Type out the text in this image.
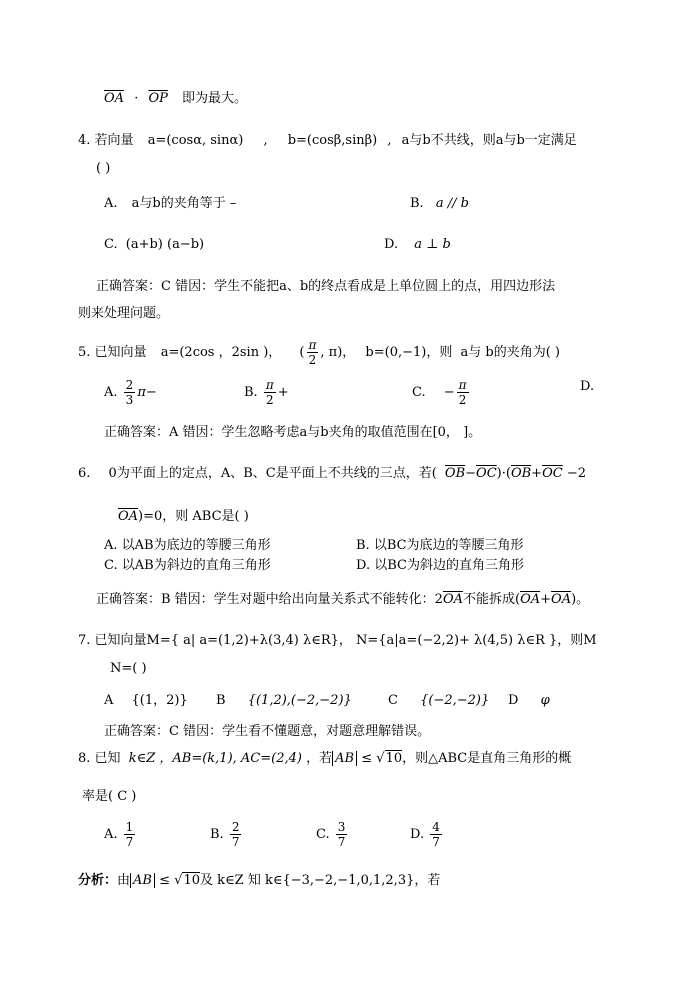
$\overline{OA} \cdot \overline{OP}$ 即为最大。
4. 若向量 a=(cosα, sinα) , b=(cosβ,sinβ) , a与b不共线，则a与b一定满足
( )
A. a与b的夹角等于 –	B. a // b
C. (a+b) (a−b)	D. a ⊥ b
正确答案：C 错因：学生不能把a、b的终点看成是上单位圆上的点，用四边形法
则来处理问题。
5. 已知向量 a=(2cos ，2sin )， ( $\frac{\pi}{2}$ , π)， b=(0,−1)，则 a与 b的夹角为( )
A. $\frac{2}{3} \pi-$	B. $\frac{\pi}{2}$ +	C. − $\frac{\pi}{2}$	D.
正确答案：A 错因：学生忽略考虑a与b夹角的取值范围在[0， ]。
6. 0为平面上的定点，A、B、C是平面上不共线的三点，若( $\overline{OB}-\overline{OC})\cdot(\overline{OB}+\overline{OC} -2$
$\overline{OA})=0$，则 ABC是( )
A. 以AB为底边的等腰三角形	B. 以BC为底边的等腰三角形
C. 以AB为斜边的直角三角形	D. 以BC为斜边的直角三角形
正确答案：B 错因：学生对题中给出向量关系式不能转化：$2\overline{OA}$不能拆成$(\overline{OA}+\overline{OA})$。
7. 已知向量M={ a| a=(1,2)+λ(3,4) λ∈R}， N={a|a=(−2,2)+ λ(4,5) λ∈R }，则M
N=( )
A {(1，2)} B {(1,2),(−2,−2)}	C {(−2,−2)} D φ
正确答案：C 错因：学生看不懂题意，对题意理解错误。
8. 已知 k∈Z ，AB=(k,1), AC=(2,4) ，若 AB ≤ √10，则△ABC是直角三角形的概
率是( C )
A. $\frac{1}{7}$	B. $\frac{2}{7}$	C. $\frac{3}{7}$	D. $\frac{4}{7}$
分析：由 AB ≤ √10及 k∈Z 知 k∈{−3,−2,−1,0,1,2,3}，若
